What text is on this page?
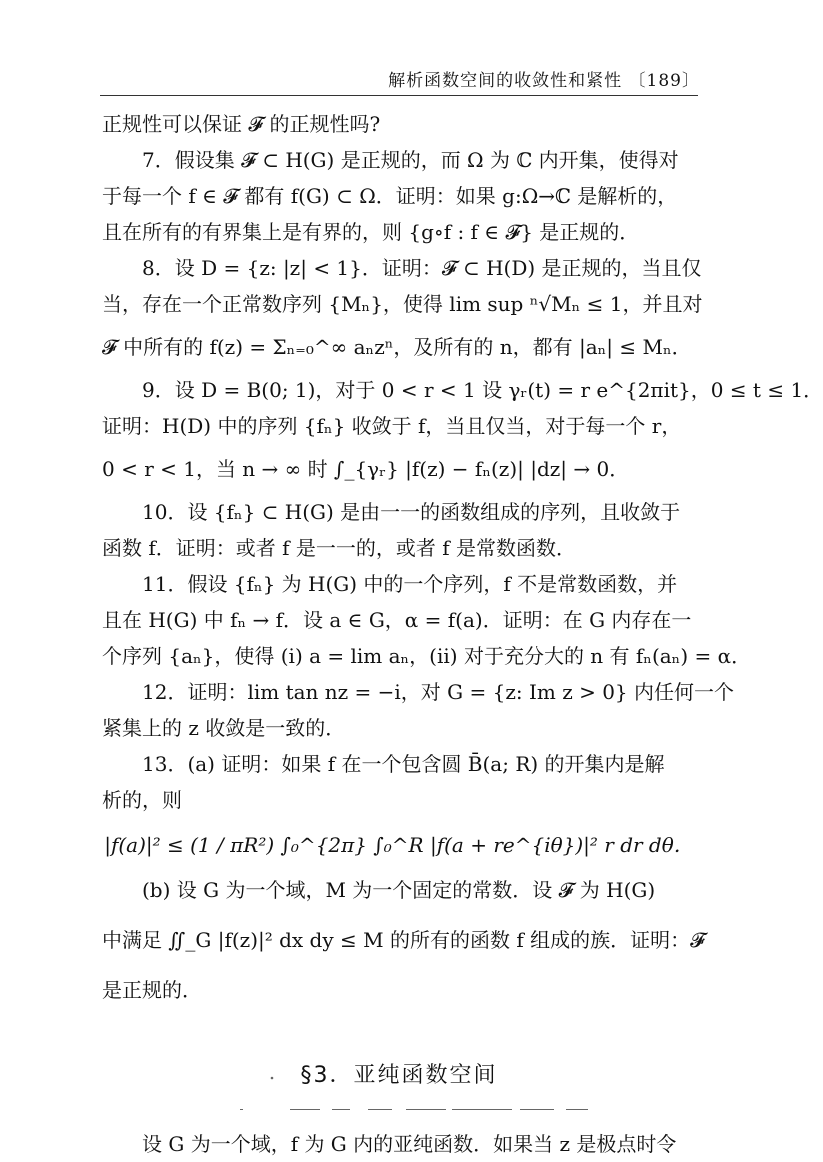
解析函数空间的收敛性和紧性 〔189〕
正规性可以保证 𝓕 的正规性吗?
7．假设集 𝓕 ⊂ H(G) 是正规的，而 Ω 为 ℂ 内开集，使得对
于每一个 f ∈ 𝓕 都有 f(G) ⊂ Ω．证明：如果 g:Ω→ℂ 是解析的，
且在所有的有界集上是有界的，则 {g∘f : f ∈ 𝓕} 是正规的．
8．设 D = {z: |z| < 1}．证明：𝓕 ⊂ H(D) 是正规的，当且仅
当，存在一个正常数序列 {Mₙ}，使得 lim sup ⁿ√Mₙ ≤ 1，并且对
𝓕 中所有的 f(z) = Σₙ₌₀^∞ aₙzⁿ，及所有的 n，都有 |aₙ| ≤ Mₙ．
9．设 D = B(0; 1)，对于 0 < r < 1 设 γᵣ(t) = r e^{2πit}，0 ≤ t ≤ 1．
证明：H(D) 中的序列 {fₙ} 收敛于 f，当且仅当，对于每一个 r，
0 < r < 1，当 n → ∞ 时 ∫_{γᵣ} |f(z) − fₙ(z)| |dz| → 0．
10．设 {fₙ} ⊂ H(G) 是由一一的函数组成的序列，且收敛于
函数 f．证明：或者 f 是一一的，或者 f 是常数函数．
11．假设 {fₙ} 为 H(G) 中的一个序列，f 不是常数函数，并
且在 H(G) 中 fₙ → f．设 a ∈ G，α = f(a)．证明：在 G 内存在一
个序列 {aₙ}，使得 (i) a = lim aₙ，(ii) 对于充分大的 n 有 fₙ(aₙ) = α．
12．证明：lim tan nz = −i，对 G = {z: Im z > 0} 内任何一个
紧集上的 z 收敛是一致的．
13．(a) 证明：如果 f 在一个包含圆 B̄(a; R) 的开集内是解
析的，则
|f(a)|² ≤ (1 / πR²) ∫₀^{2π} ∫₀^R |f(a + re^{iθ})|² r dr dθ．
(b) 设 G 为一个域，M 为一个固定的常数．设 𝓕 为 H(G)
中满足 ∬_G |f(z)|² dx dy ≤ M 的所有的函数 f 组成的族．证明：𝓕
是正规的．
§3．亚纯函数空间
设 G 为一个域，f 为 G 内的亚纯函数．如果当 z 是极点时令
